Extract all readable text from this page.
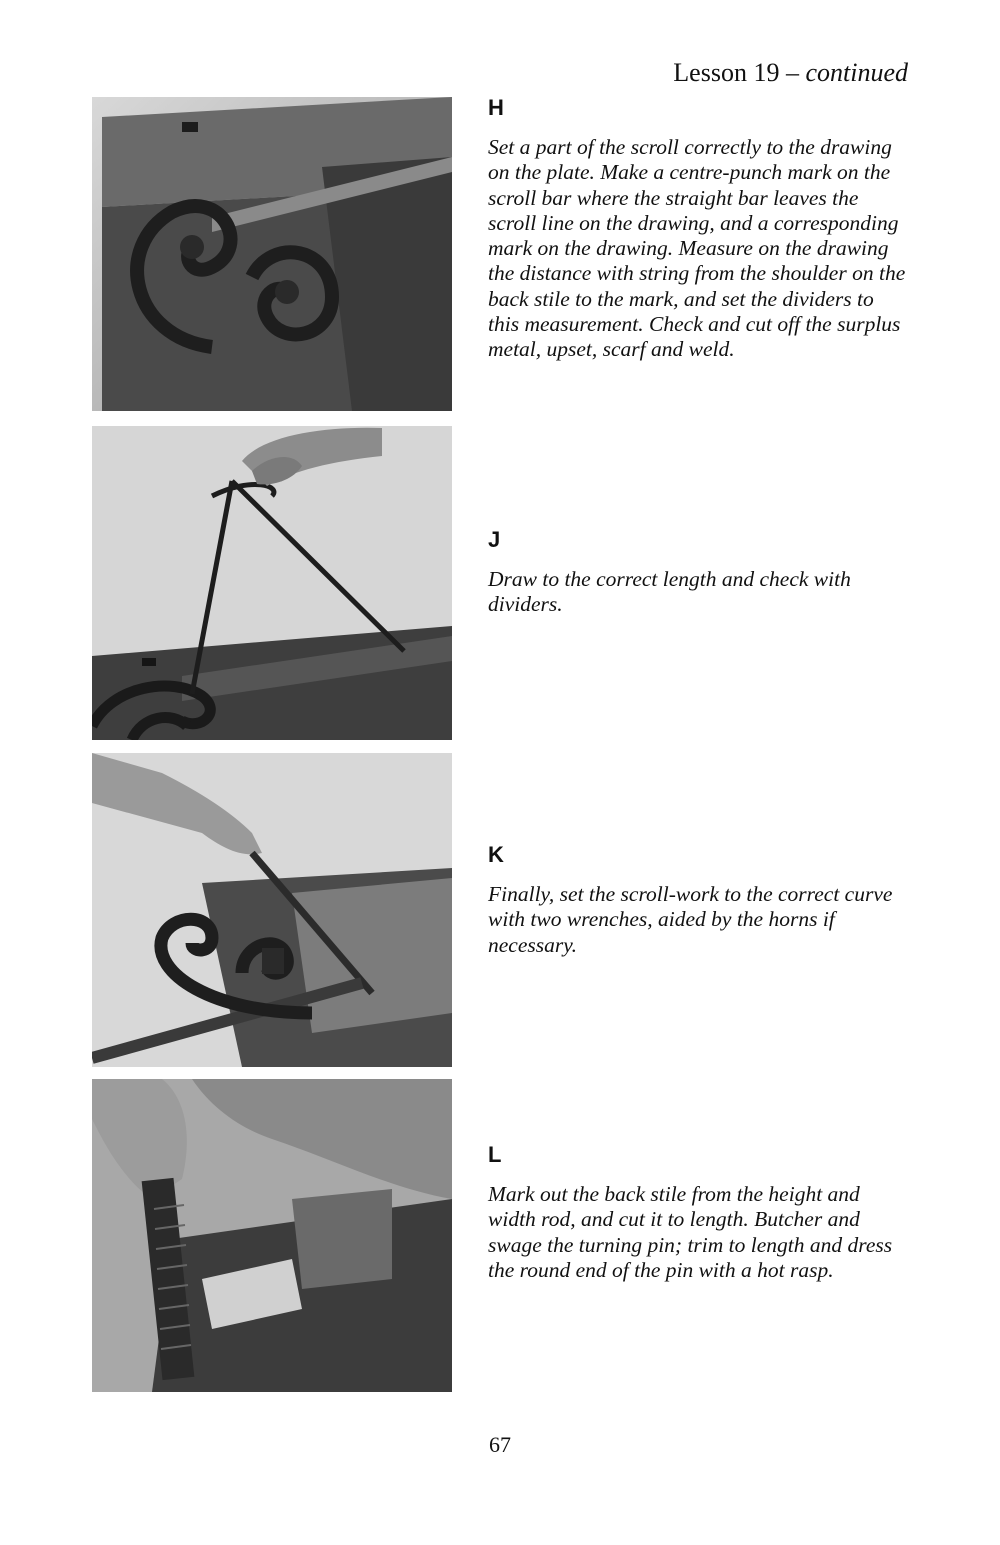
Lesson 19 – continued

H

Set a part of the scroll correctly to the drawing on the plate. Make a centre-punch mark on the scroll bar where the straight bar leaves the scroll line on the drawing, and a corresponding mark on the drawing. Measure on the drawing the distance with string from the shoulder on the back stile to the mark, and set the dividers to this measurement. Check and cut off the surplus metal, upset, scarf and weld.

J

Draw to the correct length and check with dividers.

K

Finally, set the scroll-work to the correct curve with two wrenches, aided by the horns if necessary.

L

Mark out the back stile from the height and width rod, and cut it to length. Butcher and swage the turning pin; trim to length and dress the round end of the pin with a hot rasp.

67
